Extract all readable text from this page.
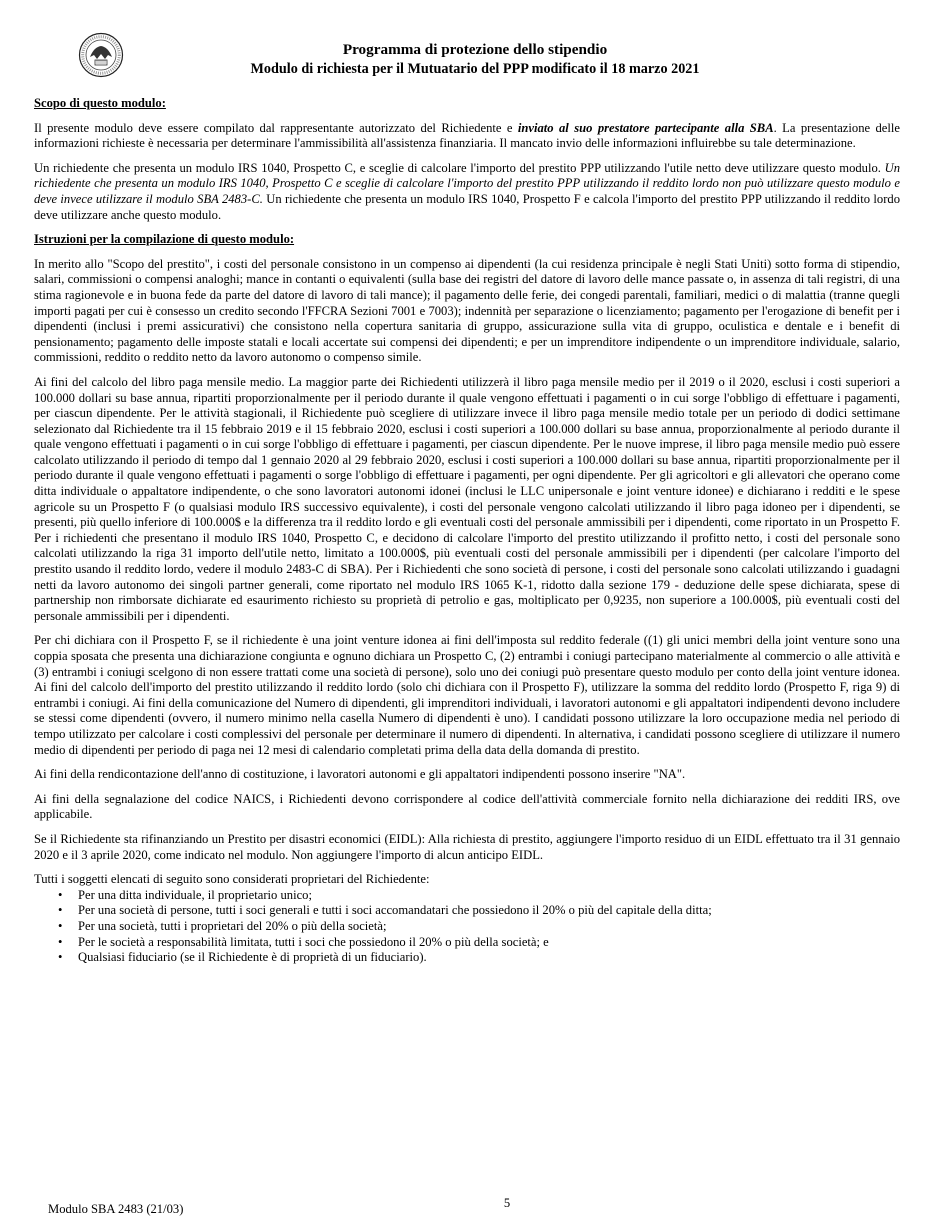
Programma di protezione dello stipendio
Modulo di richiesta per il Mutuatario del PPP modificato il 18 marzo 2021
Scopo di questo modulo:

Il presente modulo deve essere compilato dal rappresentante autorizzato del Richiedente e inviato al suo prestatore partecipante alla SBA. La presentazione delle informazioni richieste è necessaria per determinare l'ammissibilità all'assistenza finanziaria. Il mancato invio delle informazioni influirebbe su tale determinazione.

Un richiedente che presenta un modulo IRS 1040, Prospetto C, e sceglie di calcolare l'importo del prestito PPP utilizzando l'utile netto deve utilizzare questo modulo. Un richiedente che presenta un modulo IRS 1040, Prospetto C e sceglie di calcolare l'importo del prestito PPP utilizzando il reddito lordo non può utilizzare questo modulo e deve invece utilizzare il modulo SBA 2483-C. Un richiedente che presenta un modulo IRS 1040, Prospetto F e calcola l'importo del prestito PPP utilizzando il reddito lordo deve utilizzare anche questo modulo.

Istruzioni per la compilazione di questo modulo:

In merito allo "Scopo del prestito", i costi del personale consistono in un compenso ai dipendenti (la cui residenza principale è negli Stati Uniti) sotto forma di stipendio, salari, commissioni o compensi analoghi; mance in contanti o equivalenti (sulla base dei registri del datore di lavoro delle mance passate o, in assenza di tali registri, di una stima ragionevole e in buona fede da parte del datore di lavoro di tali mance); il pagamento delle ferie, dei congedi parentali, familiari, medici o di malattia (tranne quegli importi pagati per cui è consesso un credito secondo l'FFCRA Sezioni 7001 e 7003); indennità per separazione o licenziamento; pagamento per l'erogazione di benefit per i dipendenti (inclusi i premi assicurativi) che consistono nella copertura sanitaria di gruppo, assicurazione sulla vita di gruppo, oculistica e dentale e i benefit di pensionamento; pagamento delle imposte statali e locali accertate sui compensi dei dipendenti; e per un imprenditore indipendente o un imprenditore individuale, salario, commissioni, reddito o reddito netto da lavoro autonomo o compenso simile.

Ai fini del calcolo del libro paga mensile medio. La maggior parte dei Richiedenti utilizzerà il libro paga mensile medio per il 2019 o il 2020, esclusi i costi superiori a 100.000 dollari su base annua, ripartiti proporzionalmente per il periodo durante il quale vengono effettuati i pagamenti o in cui sorge l'obbligo di effettuare i pagamenti, per ciascun dipendente. Per le attività stagionali, il Richiedente può scegliere di utilizzare invece il libro paga mensile medio totale per un periodo di dodici settimane selezionato dal Richiedente tra il 15 febbraio 2019 e il 15 febbraio 2020, esclusi i costi superiori a 100.000 dollari su base annua, proporzionalmente al periodo durante il quale vengono effettuati i pagamenti o in cui sorge l'obbligo di effettuare i pagamenti, per ciascun dipendente. Per le nuove imprese, il libro paga mensile medio può essere calcolato utilizzando il periodo di tempo dal 1 gennaio 2020 al 29 febbraio 2020, esclusi i costi superiori a 100.000 dollari su base annua, ripartiti proporzionalmente per il periodo durante il quale vengono effettuati i pagamenti o sorge l'obbligo di effettuare i pagamenti, per ogni dipendente. Per gli agricoltori e gli allevatori che operano come ditta individuale o appaltatore indipendente, o che sono lavoratori autonomi idonei (inclusi le LLC unipersonale e joint venture idonee) e dichiarano i redditi e le spese agricole su un Prospetto F (o qualsiasi modulo IRS successivo equivalente), i costi del personale vengono calcolati utilizzando il libro paga idoneo per i dipendenti, se presenti, più quello inferiore di 100.000$ e la differenza tra il reddito lordo e gli eventuali costi del personale ammissibili per i dipendenti, come riportato in un Prospetto F. Per i richiedenti che presentano il modulo IRS 1040, Prospetto C, e decidono di calcolare l'importo del prestito utilizzando il profitto netto, i costi del personale sono calcolati utilizzando la riga 31 importo dell'utile netto, limitato a 100.000$, più eventuali costi del personale ammissibili per i dipendenti (per calcolare l'importo del prestito usando il reddito lordo, vedere il modulo 2483-C di SBA). Per i Richiedenti che sono società di persone, i costi del personale sono calcolati utilizzando i guadagni netti da lavoro autonomo dei singoli partner generali, come riportato nel modulo IRS 1065 K-1, ridotto dalla sezione 179 - deduzione delle spese dichiarata, spese di partnership non rimborsate dichiarate ed esaurimento richiesto su proprietà di petrolio e gas, moltiplicato per 0,9235, non superiore a 100.000$, più eventuali costi del personale ammissibili per i dipendenti.

Per chi dichiara con il Prospetto F, se il richiedente è una joint venture idonea ai fini dell'imposta sul reddito federale ((1) gli unici membri della joint venture sono una coppia sposata che presenta una dichiarazione congiunta e ognuno dichiara un Prospetto C, (2) entrambi i coniugi partecipano materialmente al commercio o alle attività e (3) entrambi i coniugi scelgono di non essere trattati come una società di persone), solo uno dei coniugi può presentare questo modulo per conto della joint venture idonea. Ai fini del calcolo dell'importo del prestito utilizzando il reddito lordo (solo chi dichiara con il Prospetto F), utilizzare la somma del reddito lordo (Prospetto F, riga 9) di entrambi i coniugi. Ai fini della comunicazione del Numero di dipendenti, gli imprenditori individuali, i lavoratori autonomi e gli appaltatori indipendenti devono includere se stessi come dipendenti (ovvero, il numero minimo nella casella Numero di dipendenti è uno). I candidati possono utilizzare la loro occupazione media nel periodo di tempo utilizzato per calcolare i costi complessivi del personale per determinare il numero di dipendenti. In alternativa, i candidati possono scegliere di utilizzare il numero medio di dipendenti per periodo di paga nei 12 mesi di calendario completati prima della data della domanda di prestito.

Ai fini della rendicontazione dell'anno di costituzione, i lavoratori autonomi e gli appaltatori indipendenti possono inserire "NA".

Ai fini della segnalazione del codice NAICS, i Richiedenti devono corrispondere al codice dell'attività commerciale fornito nella dichiarazione dei redditi IRS, ove applicabile.

Se il Richiedente sta rifinanziando un Prestito per disastri economici (EIDL): Alla richiesta di prestito, aggiungere l'importo residuo di un EIDL effettuato tra il 31 gennaio 2020 e il 3 aprile 2020, come indicato nel modulo. Non aggiungere l'importo di alcun anticipo EIDL.

Tutti i soggetti elencati di seguito sono considerati proprietari del Richiedente:
• Per una ditta individuale, il proprietario unico;
• Per una società di persone, tutti i soci generali e tutti i soci accomandatari che possiedono il 20% o più del capitale della ditta;
• Per una società, tutti i proprietari del 20% o più della società;
• Per le società a responsabilità limitata, tutti i soci che possiedono il 20% o più della società; e
• Qualsiasi fiduciario (se il Richiedente è di proprietà di un fiduciario).
Modulo SBA 2483 (21/03)	5
